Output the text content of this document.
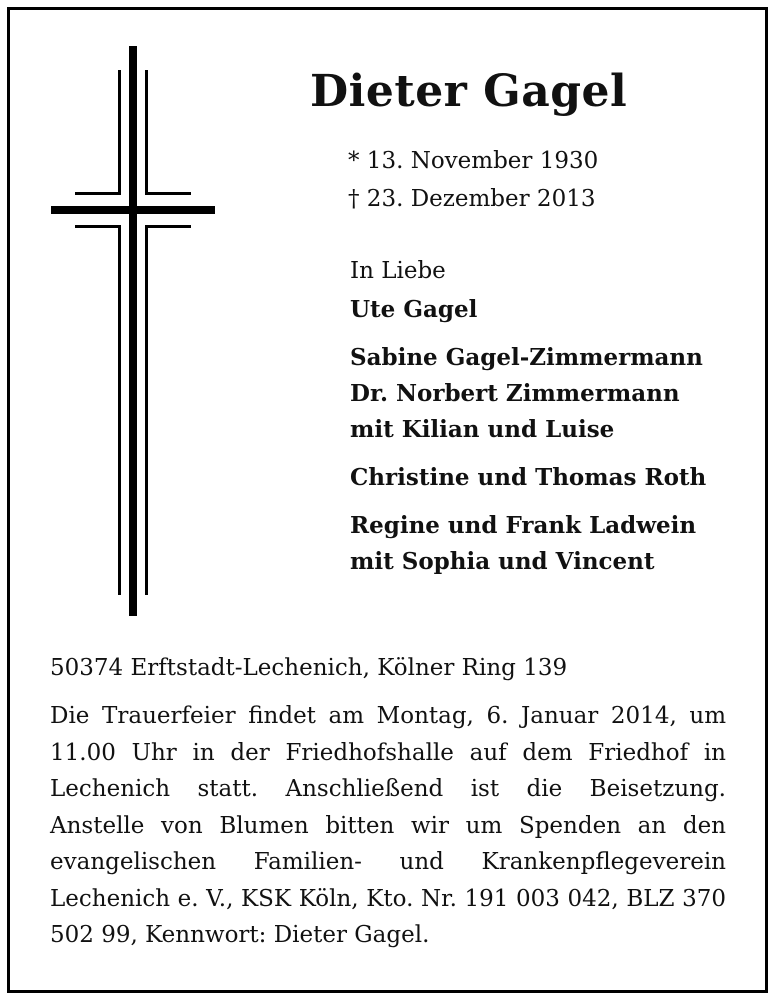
Dieter Gagel
* 13. November 1930
† 23. Dezember 2013
In Liebe
Ute Gagel
Sabine Gagel-Zimmermann
Dr. Norbert Zimmermann
mit Kilian und Luise
Christine und Thomas Roth
Regine und Frank Ladwein
mit Sophia und Vincent
50374 Erftstadt-Lechenich, Kölner Ring 139
Die Trauerfeier findet am Montag, 6. Januar 2014, um 11.00 Uhr in der Friedhofshalle auf dem Friedhof in Lechenich statt. Anschließend ist die Beisetzung. Anstelle von Blumen bitten wir um Spenden an den evangelischen Familien- und Krankenpflegeverein Lechenich e. V., KSK Köln, Kto. Nr. 191 003 042, BLZ 370 502 99, Kennwort: Dieter Gagel.
